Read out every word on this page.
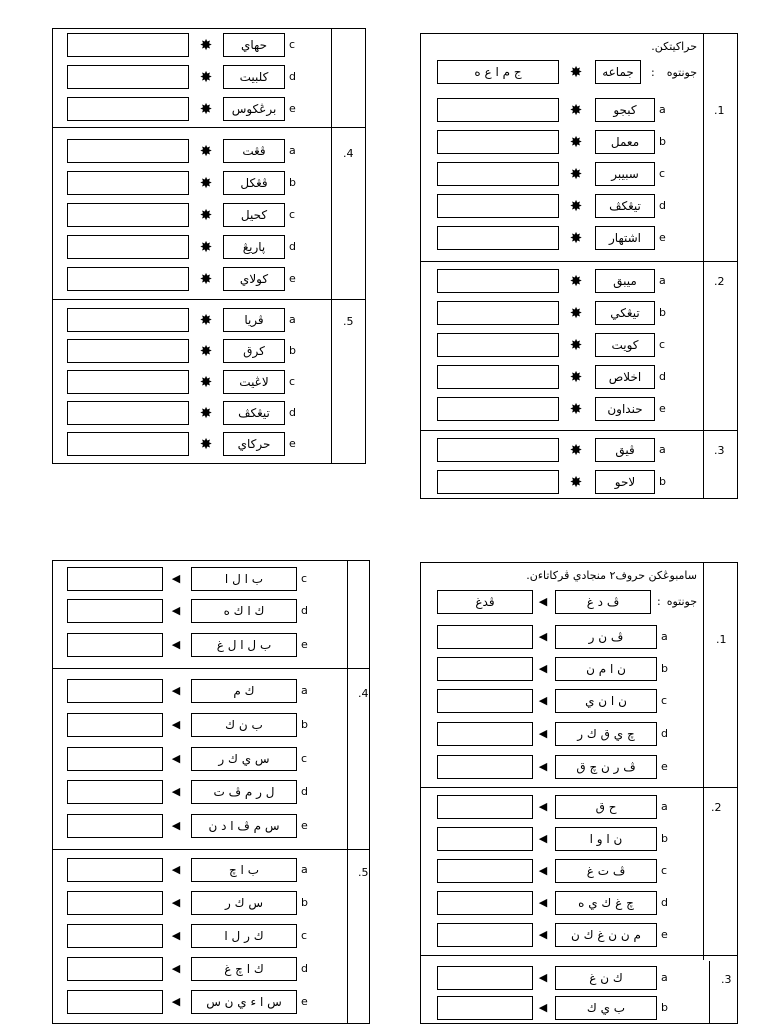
حراكيتكن.
جونتوه
:
ج م ا ع ه	✸	جماعه
.1
.2
.3
✸	كبجو	a
✸	معمل	b
✸	سبيبر	c
✸	تيڠكڤ	d
✸	اشتهار	e
✸	ميبق	a
✸	تيڠكي	b
✸	كويت	c
✸	اخلاص	d
✸	حنداون	e
✸	ڤيق	a
✸	لاحو	b
.4
.5
✸	حهاي	c
✸	كلبيت	d
✸	برڠكوس	e
✸	ڤڠت	a
✸	ڤڠكل	b
✸	كحيل	c
✸	ڽاريڠ	d
✸	كولاي	e
✸	ڤريا	a
✸	كرق	b
✸	لاڠيت	c
✸	تيڠكڤ	d
✸	حركاي	e
سامبوڠكن حروف٢ منجادي ڤركاتاءن.
جونتوه
:
ڤدغ	◀	ڤ د غ
.1
.2
.3
◀	ڤ ن ر	a
◀	ن ا م ن	b
◀	ن ا ن ي	c
◀	چ ي ق ك ر	d
◀	ڤ ر ن چ ق	e
◀	ح ق	a
◀	ن ا و ا	b
◀	ڤ ت غ	c
◀	چ غ ك ي ه	d
◀	م ن ن غ ك ن	e
◀	ك ن غ	a
◀	ب ي ك	b
.4
.5
◀	ب ا ل ا	c
◀	ك ا ك ه	d
◀	ب ل ا ل غ	e
◀	ك م	a
◀	ب ن ك	b
◀	س ي ك ر	c
◀	ل ر م ڤ ت	d
◀	س م ڤ ا د ن	e
◀	ب ا چ	a
◀	س ك ر	b
◀	ك ر ل ا	c
◀	ك ا چ غ	d
◀	س ا ء ي ن س	e
